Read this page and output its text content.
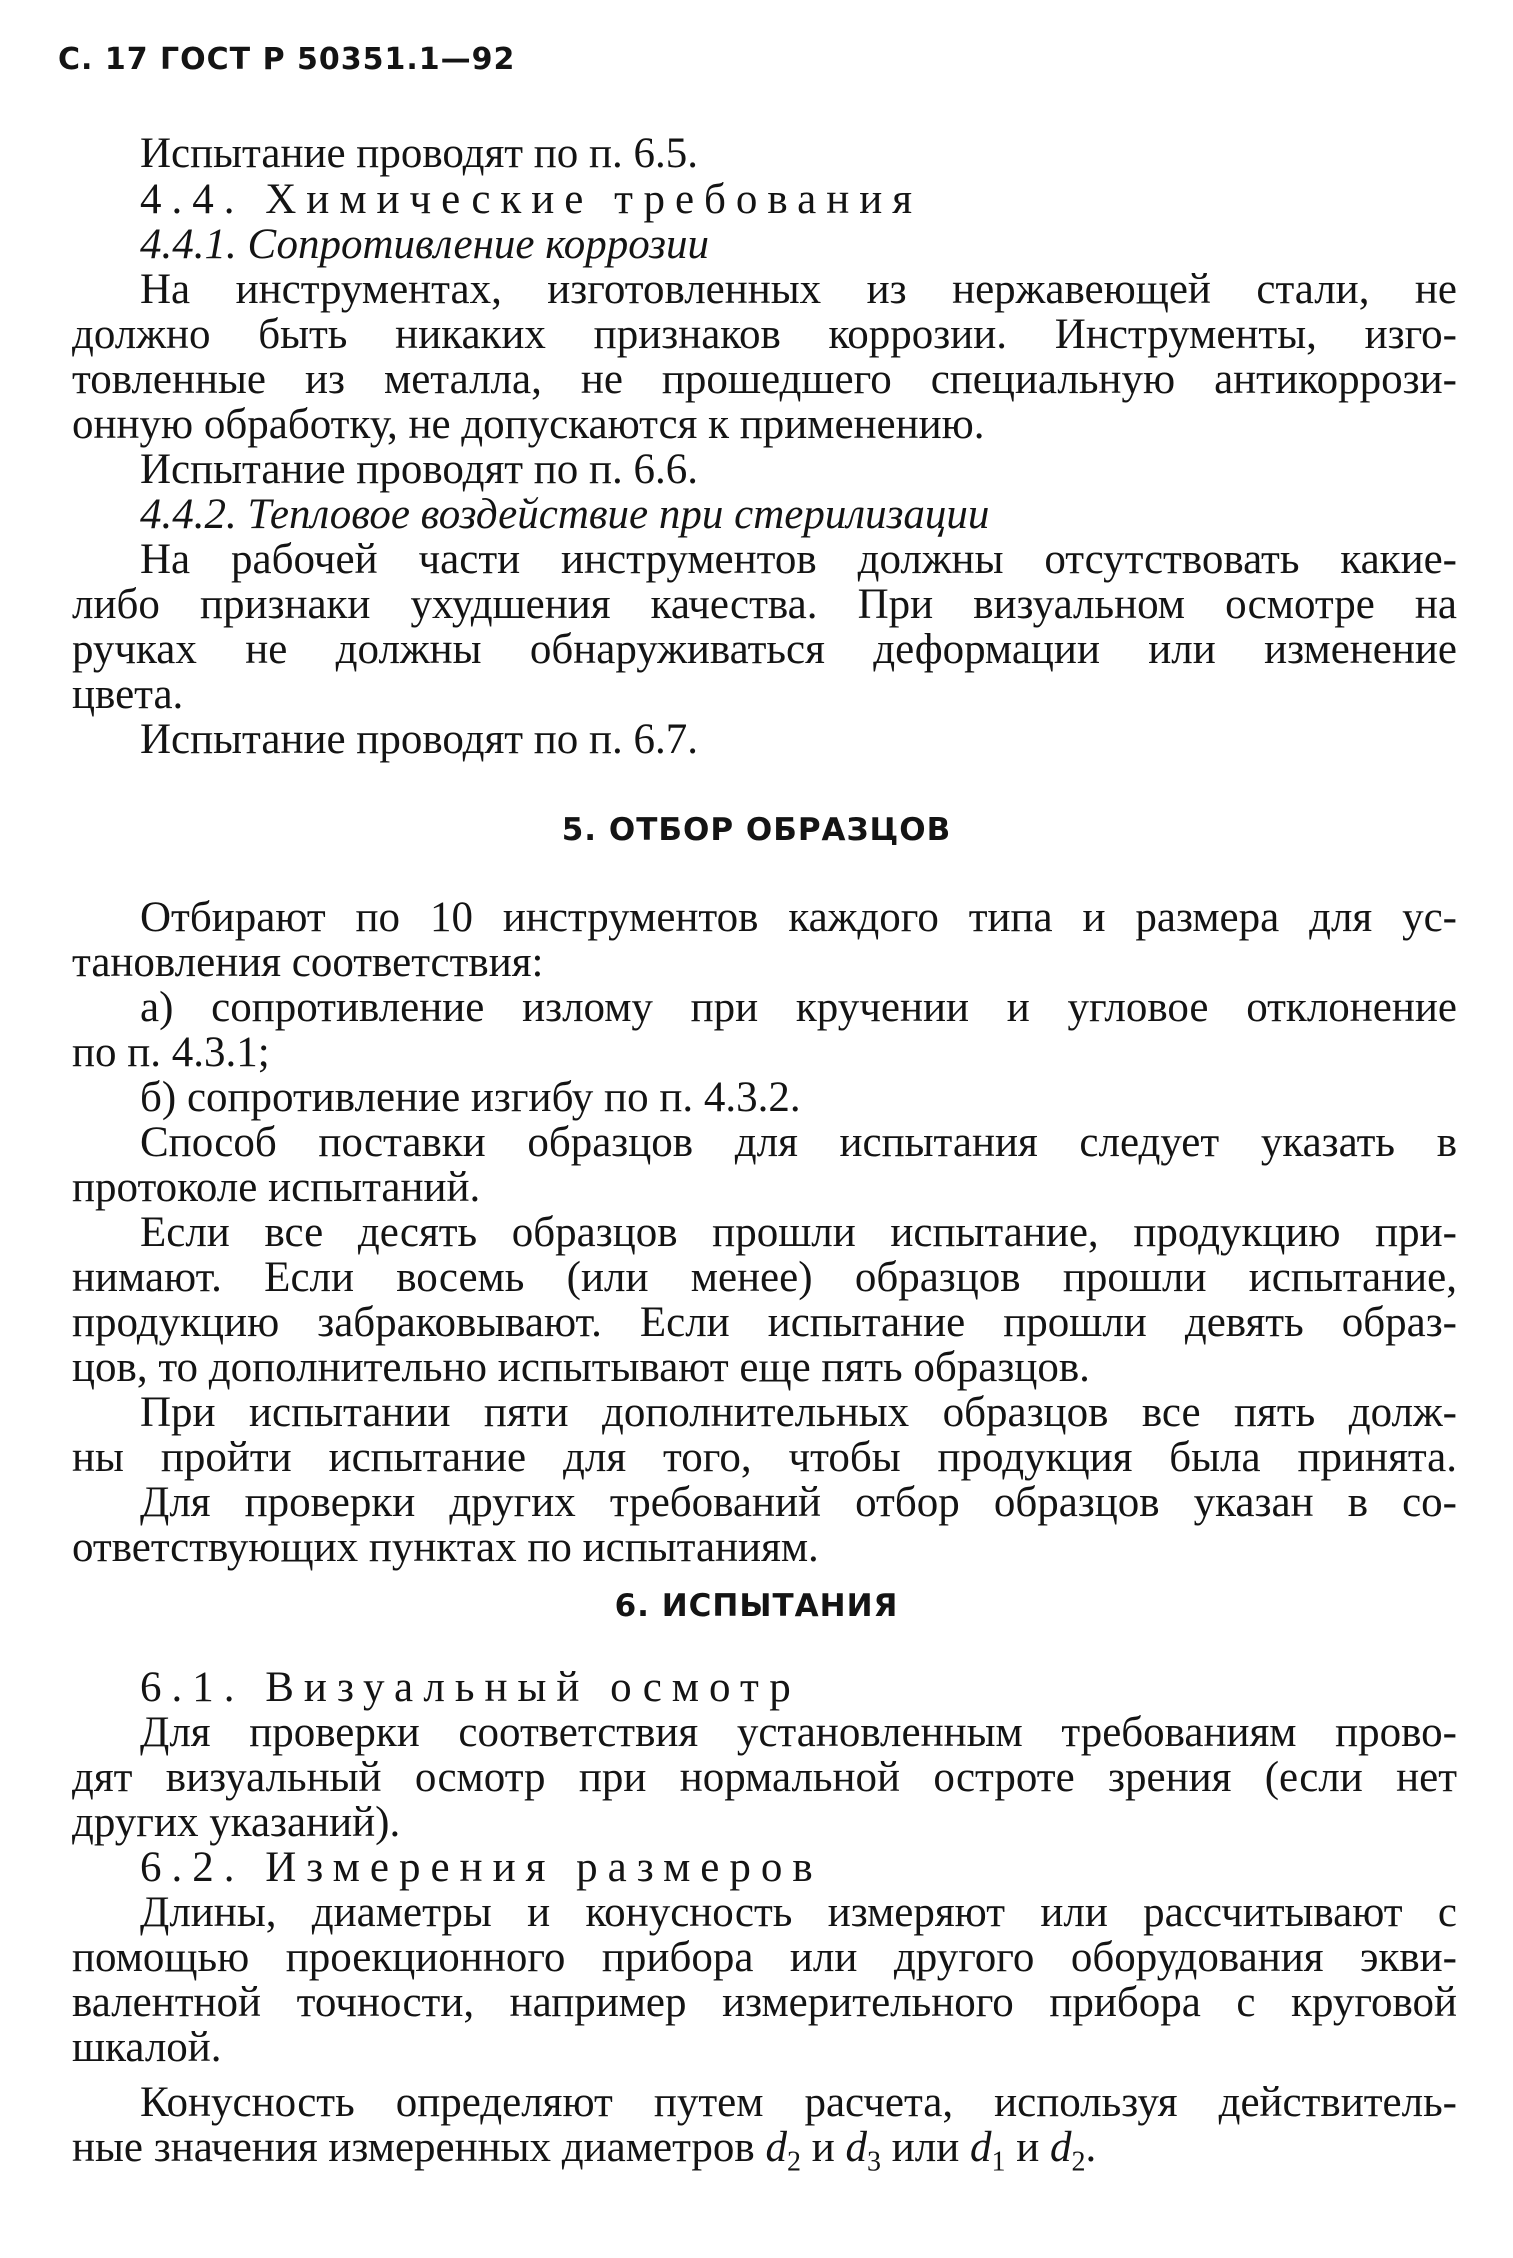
С. 17 ГОСТ Р 50351.1—92
Испытание проводят по п. 6.5.
4.4. Химические требования
4.4.1. Сопротивление коррозии
На инструментах, изготовленных из нержавеющей стали, не
должно быть никаких признаков коррозии. Инструменты, изго-
товленные из металла, не прошедшего специальную антикоррози-
онную обработку, не допускаются к применению.
Испытание проводят по п. 6.6.
4.4.2. Тепловое воздействие при стерилизации
На рабочей части инструментов должны отсутствовать какие-
либо признаки ухудшения качества. При визуальном осмотре на
ручках не должны обнаруживаться деформации или изменение
цвета.
Испытание проводят по п. 6.7.
5. ОТБОР ОБРАЗЦОВ
Отбирают по 10 инструментов каждого типа и размера для ус-
тановления соответствия:
а) сопротивление излому при кручении и угловое отклонение
по п. 4.3.1;
б) сопротивление изгибу по п. 4.3.2.
Способ поставки образцов для испытания следует указать в
протоколе испытаний.
Если все десять образцов прошли испытание, продукцию при-
нимают. Если восемь (или менее) образцов прошли испытание,
продукцию забраковывают. Если испытание прошли девять образ-
цов, то дополнительно испытывают еще пять образцов.
При испытании пяти дополнительных образцов все пять долж-
ны пройти испытание для того, чтобы продукция была принята.
Для проверки других требований отбор образцов указан в со-
ответствующих пунктах по испытаниям.
6. ИСПЫТАНИЯ
6.1. Визуальный осмотр
Для проверки соответствия установленным требованиям прово-
дят визуальный осмотр при нормальной остроте зрения (если нет
других указаний).
6.2. Измерения размеров
Длины, диаметры и конусность измеряют или рассчитывают с
помощью проекционного прибора или другого оборудования экви-
валентной точности, например измерительного прибора с круговой
шкалой.
Конусность определяют путем расчета, используя действитель-
ные значения измеренных диаметров $d_2$ и $d_3$ или $d_1$ и $d_2$.
